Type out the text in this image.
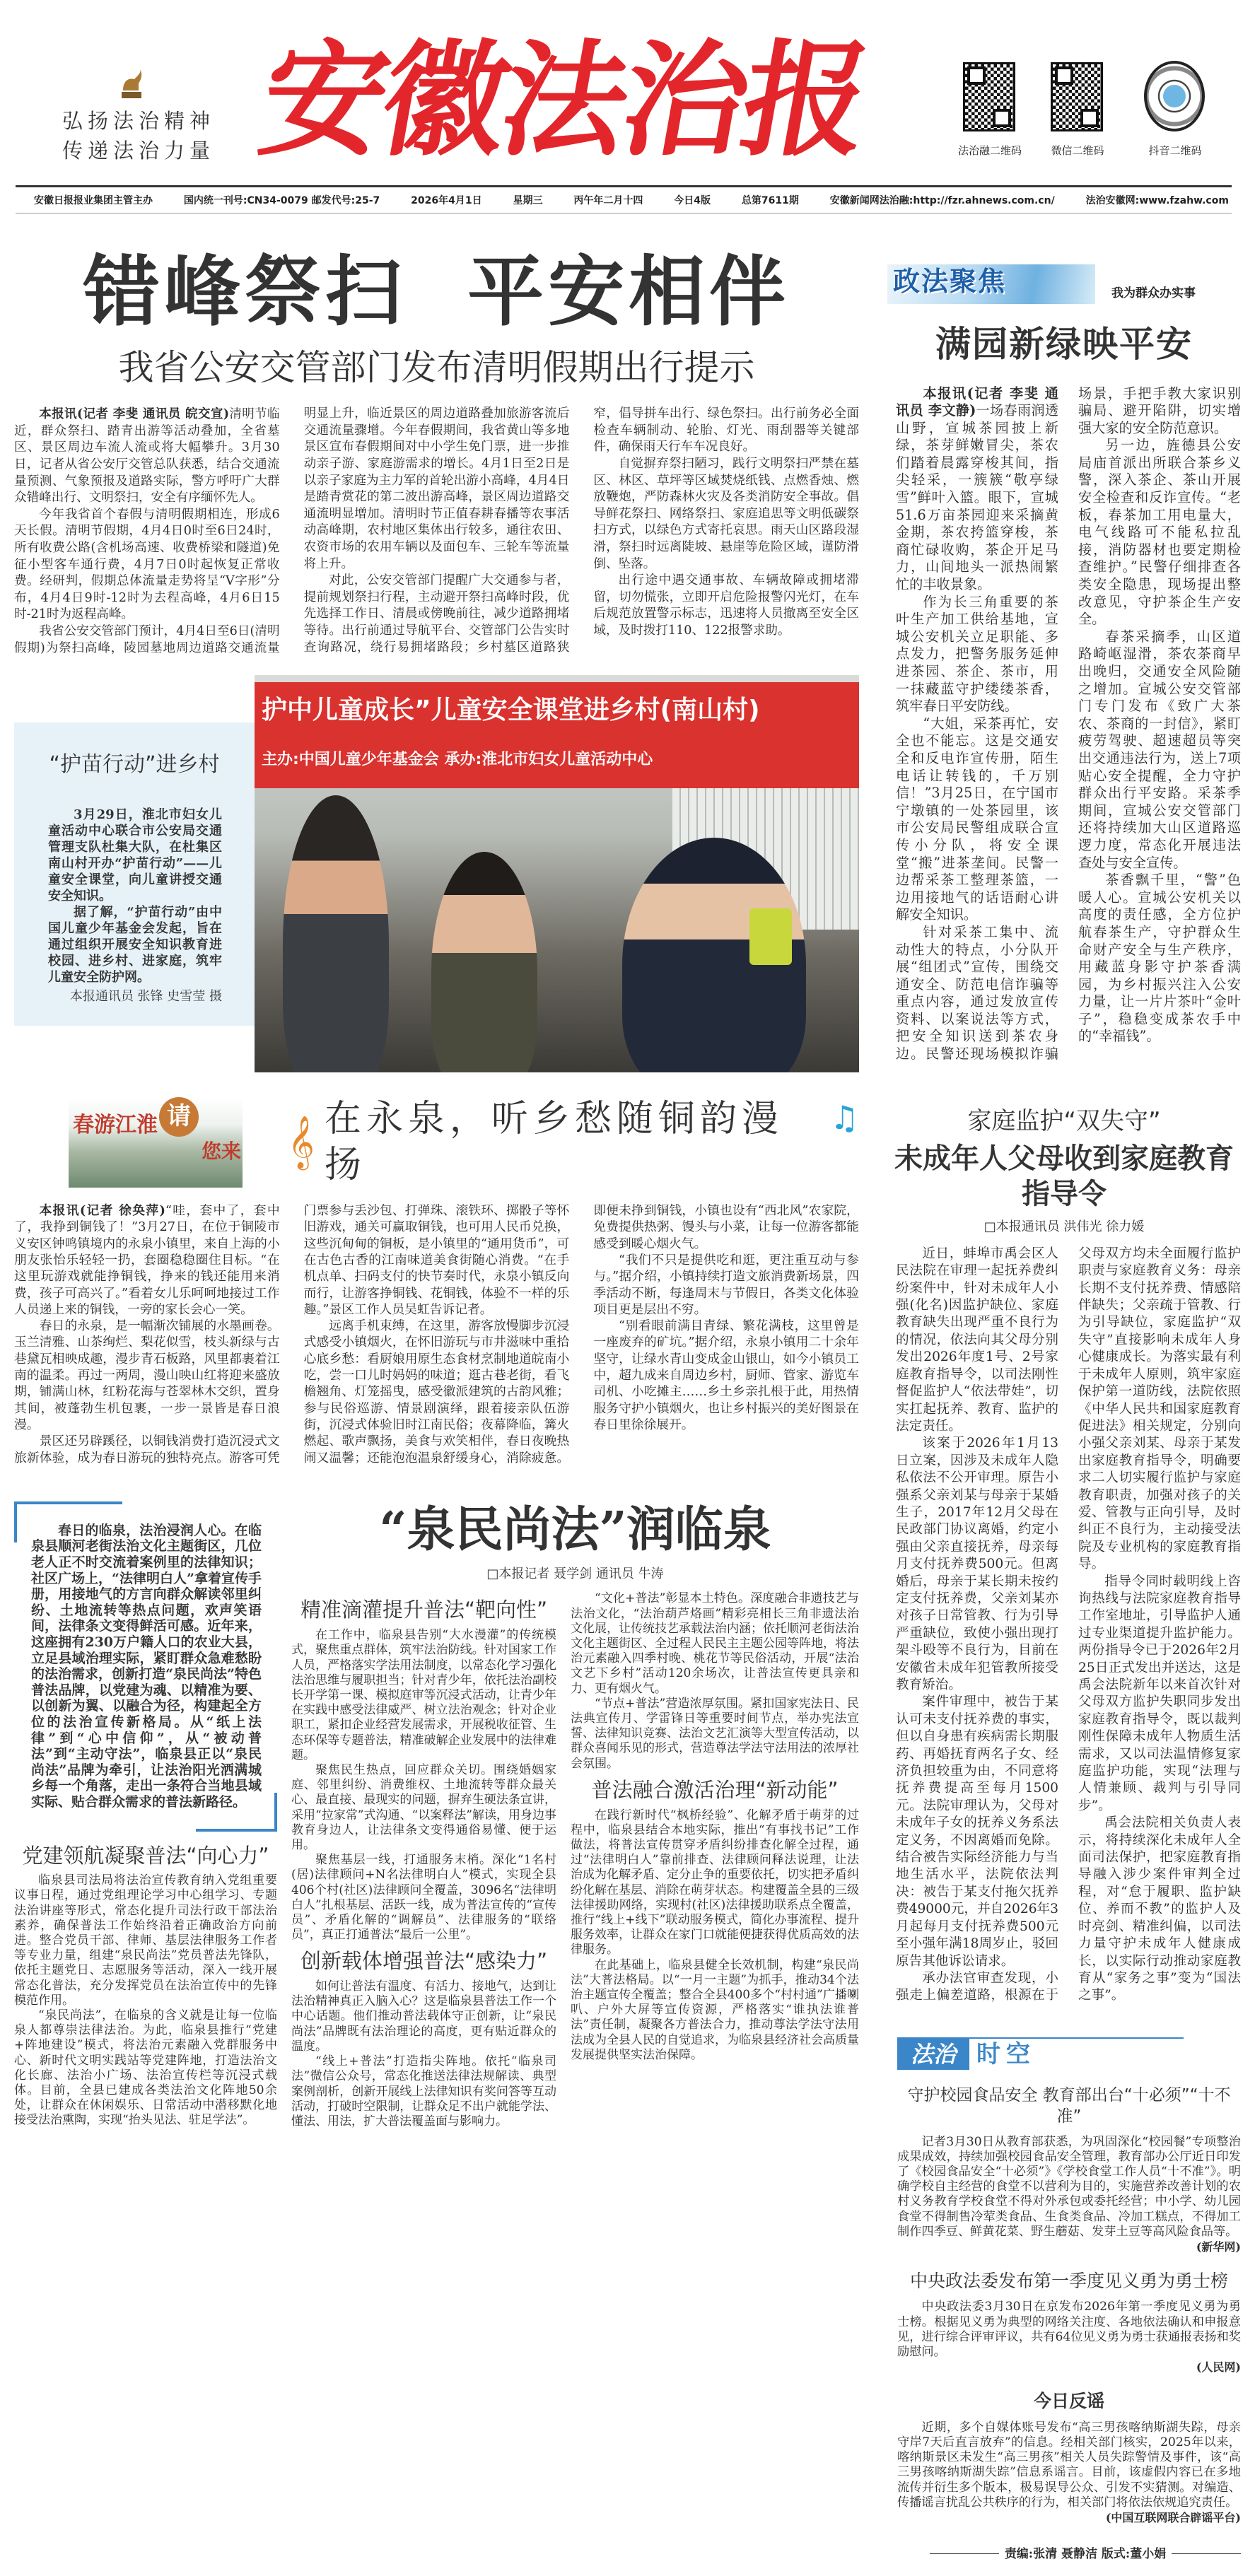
弘扬法治精神
传递法治力量 安徽法治报	法治融二维码	微信二维码	抖音二维码
安徽日报报业集团主管主办	国内统一刊号:CN34-0079 邮发代号:25-7	2026年4月1日	星期三	丙午年二月十四	今日4版	总第7611期	安徽新闻网法治融:http://fzr.ahnews.com.cn/	法治安徽网:www.fzahw.com
错峰祭扫  平安相伴
我省公安交管部门发布清明假期出行提示

本报讯(记者 李斐 通讯员 皖交宣)清明节临近，群众祭扫、踏青出游等活动叠加，全省墓区、景区周边车流人流或将大幅攀升。3月30日，记者从省公安厅交管总队获悉，结合交通流量预测、气象预报及道路实际，警方呼吁广大群众错峰出行、文明祭扫，安全有序缅怀先人。

今年我省首个春假与清明假期相连，形成6天长假。清明节假期，4月4日0时至6日24时，所有收费公路(含机场高速、收费桥梁和隧道)免征小型客车通行费，4月7日0时起恢复正常收费。经研判，假期总体流量走势将呈“V字形”分布，4月4日9时-12时为去程高峰，4月6日15时-21时为返程高峰。

我省公安交管部门预计，4月4日至6日(清明假期)为祭扫高峰，陵园墓地周边道路交通流量明显上升，临近景区的周边道路叠加旅游客流后交通流量骤增。今年春假期间，我省黄山等多地景区宣布春假期间对中小学生免门票，进一步推动亲子游、家庭游需求的增长。4月1日至2日是以亲子家庭为主力军的首轮出游小高峰，4月4日是踏青赏花的第二波出游高峰，景区周边道路交通流明显增加。清明时节正值春耕春播等农事活动高峰期，农村地区集体出行较多，通往农田、农资市场的农用车辆以及面包车、三轮车等流量将上升。

对此，公安交管部门提醒广大交通参与者，提前规划祭扫行程，主动避开祭扫高峰时段，优先选择工作日、清晨或傍晚前往，减少道路拥堵等待。出行前通过导航平台、交管部门公告实时查询路况，绕行易拥堵路段；乡村墓区道路狭窄，倡导拼车出行、绿色祭扫。出行前务必全面检查车辆制动、轮胎、灯光、雨刮器等关键部件，确保雨天行车车况良好。

自觉摒弃祭扫陋习，践行文明祭扫严禁在墓区、林区、草坪等区域焚烧纸钱、点燃香烛、燃放鞭炮，严防森林火灾及各类消防安全事故。倡导鲜花祭扫、网络祭扫、家庭追思等文明低碳祭扫方式，以绿色方式寄托哀思。雨天山区路段湿滑，祭扫时远离陡坡、悬崖等危险区域，谨防滑倒、坠落。

出行途中遇交通事故、车辆故障或拥堵滞留，切勿慌张，立即开启危险报警闪光灯，在车后规范放置警示标志，迅速将人员撤离至安全区域，及时拨打110、122报警求助。

“护苗行动”进乡村

3月29日，淮北市妇女儿童活动中心联合市公安局交通管理支队杜集大队，在杜集区南山村开办“护苗行动”——儿童安全课堂，向儿童讲授交通安全知识。

据了解，“护苗行动”由中国儿童少年基金会发起，旨在通过组织开展安全知识教育进校园、进乡村、进家庭，筑牢儿童安全防护网。

本报通讯员 张锋 史雪莹 摄
护中儿童成长”儿童安全课堂进乡村(南山村)
主办:中国儿童少年基金会 承办:淮北市妇女儿童活动中心
春游江淮 请
您来 𝄞 在永泉，听乡愁随铜韵漫扬
♫

本报讯(记者 徐奂萍)“哇，套中了，套中了，我挣到铜钱了！”3月27日，在位于铜陵市义安区钟鸣镇境内的永泉小镇里，来自上海的小朋友张怡乐轻轻一扔，套圈稳稳圈住目标。“在这里玩游戏就能挣铜钱，挣来的钱还能用来消费，孩子可高兴了。”看着女儿乐呵呵地接过工作人员递上来的铜钱，一旁的家长会心一笑。

春日的永泉，是一幅渐次铺展的水墨画卷。玉兰清雅、山茶绚烂、梨花似雪，枝头新绿与古巷黛瓦相映成趣，漫步青石板路，风里都裹着江南的温柔。再过一两周，漫山映山红将迎来盛放期，铺满山林，红粉花海与苍翠林木交织，置身其间，被蓬勃生机包裹，一步一景皆是春日浪漫。

景区还另辟蹊径，以铜钱消费打造沉浸式文旅新体验，成为春日游玩的独特亮点。游客可凭门票参与丢沙包、打弹珠、滚铁环、掷骰子等怀旧游戏，通关可赢取铜钱，也可用人民币兑换，这些沉甸甸的铜板，是小镇里的“通用货币”，可在古色古香的江南味道美食街随心消费。“在手机点单、扫码支付的快节奏时代，永泉小镇反向而行，让游客挣铜钱、花铜钱，体验不一样的乐趣。”景区工作人员吴虹告诉记者。

远离手机束缚，在这里，游客放慢脚步沉浸式感受小镇烟火，在怀旧游玩与市井滋味中重拾心底乡愁：看厨娘用原生态食材烹制地道皖南小吃，尝一口儿时妈妈的味道；逛古巷老街，看飞檐翘角、灯笼摇曳，感受徽派建筑的古韵风雅；参与民俗巡游、情景剧演绎，跟着接亲队伍游街，沉浸式体验旧时江南民俗；夜幕降临，篝火燃起、歌声飘扬，美食与欢笑相伴，春日夜晚热闹又温馨；还能泡泡温泉舒缓身心，消除疲惫。即便未挣到铜钱，小镇也设有“西北风”农家院，免费提供热粥、馒头与小菜，让每一位游客都能感受到暖心烟火气。

“我们不只是提供吃和逛，更注重互动与参与。”据介绍，小镇持续打造文旅消费新场景，四季活动不断，每逢周末与节假日，各类文化体验项目更是层出不穷。

“别看眼前满目青绿、繁花满枝，这里曾是一座废弃的矿坑。”据介绍，永泉小镇用二十余年坚守，让绿水青山变成金山银山，如今小镇员工中，超九成来自周边乡村，厨师、管家、游览车司机、小吃摊主……乡土乡亲扎根于此，用热情服务守护小镇烟火，也让乡村振兴的美好图景在春日里徐徐展开。

春日的临泉，法治浸润人心。在临泉县顺河老街法治文化主题街区，几位老人正不时交流着案例里的法律知识；社区广场上，“法律明白人”拿着宣传手册，用接地气的方言向群众解读邻里纠纷、土地流转等热点问题，欢声笑语间，法律条文变得鲜活可感。近年来，这座拥有230万户籍人口的农业大县，立足县域治理实际，紧盯群众急难愁盼的法治需求，创新打造“泉民尚法”特色普法品牌，以党建为魂、以精准为要、以创新为翼、以融合为径，构建起全方位的法治宣传新格局。从“纸上法律”到“心中信仰”，从“被动普法”到“主动守法”，临泉县正以“泉民尚法”品牌为牵引，让法治阳光洒满城乡每一个角落，走出一条符合当地县域实际、贴合群众需求的普法新路径。

党建领航凝聚普法“向心力”

临泉县司法局将法治宣传教育纳入党组重要议事日程，通过党组理论学习中心组学习、专题法治讲座等形式，常态化提升司法行政干部法治素养，确保普法工作始终沿着正确政治方向前进。整合党员干部、律师、基层法律服务工作者等专业力量，组建“泉民尚法”党员普法先锋队，依托主题党日、志愿服务等活动，深入一线开展常态化普法，充分发挥党员在法治宣传中的先锋模范作用。

“泉民尚法”，在临泉的含义就是让每一位临泉人都尊崇法律法治。为此，临泉县推行“党建+阵地建设”模式，将法治元素融入党群服务中心、新时代文明实践站等党建阵地，打造法治文化长廊、法治小广场、法治宣传栏等沉浸式载体。目前，全县已建成各类法治文化阵地50余处，让群众在休闲娱乐、日常活动中潜移默化地接受法治熏陶，实现“抬头见法、驻足学法”。

“泉民尚法”润临泉
□本报记者 聂学剑 通讯员 牛涛
精准滴灌提升普法“靶向性”

在工作中，临泉县告别“大水漫灌”的传统模式，聚焦重点群体，筑牢法治防线。针对国家工作人员，严格落实学法用法制度，以常态化学习强化法治思维与履职担当；针对青少年，依托法治副校长开学第一课、模拟庭审等沉浸式活动，让青少年在实践中感受法律威严、树立法治观念；针对企业职工，紧扣企业经营发展需求，开展税收征管、生态环保等专题普法，精准破解企业发展中的法律难题。

聚焦民生热点，回应群众关切。围绕婚姻家庭、邻里纠纷、消费维权、土地流转等群众最关心、最直接、最现实的问题，摒弃生硬法条宣讲，采用“拉家常”式沟通、“以案释法”解读，用身边事教育身边人，让法律条文变得通俗易懂、便于运用。

聚焦基层一线，打通服务末梢。深化“1名村(居)法律顾问+N名法律明白人”模式，实现全县406个村(社区)法律顾问全覆盖，3096名“法律明白人”扎根基层、活跃一线，成为普法宣传的“宣传员”、矛盾化解的“调解员”、法律服务的“联络员”，真正打通普法“最后一公里”。

创新载体增强普法“感染力”

如何让普法有温度、有活力、接地气，达到让法治精神真正入脑入心？这是临泉县普法工作一个中心话题。他们推动普法载体守正创新，让“泉民尚法”品牌既有法治理论的高度，更有贴近群众的温度。

“线上+普法”打造指尖阵地。依托“临泉司法”微信公众号，常态化推送法律法规解读、典型案例剖析，创新开展线上法律知识有奖问答等互动活动，打破时空限制，让群众足不出户就能学法、懂法、用法，扩大普法覆盖面与影响力。

“文化+普法”彰显本土特色。深度融合非遗技艺与法治文化，“法治葫芦烙画”精彩亮相长三角非遗法治文化展，让传统技艺承载法治内涵；依托顺河老街法治文化主题街区、全过程人民民主主题公园等阵地，将法治元素融入四季村晚、桃花节等民俗活动，开展“法治文艺下乡村”活动120余场次，让普法宣传更具亲和力、更有烟火气。

“节点+普法”营造浓厚氛围。紧扣国家宪法日、民法典宣传月、学雷锋日等重要时间节点，举办宪法宣誓、法律知识竞赛、法治文艺汇演等大型宣传活动，以群众喜闻乐见的形式，营造尊法学法守法用法的浓厚社会氛围。

普法融合激活治理“新动能”

在践行新时代“枫桥经验”、化解矛盾于萌芽的过程中，临泉县结合本地实际，推出“有事找书记”工作做法，将普法宣传贯穿矛盾纠纷排查化解全过程，通过“法律明白人”靠前排查、法律顾问释法说理，让法治成为化解矛盾、定分止争的重要依托，切实把矛盾纠纷化解在基层、消除在萌芽状态。构建覆盖全县的三级法律援助网络，实现村(社区)法律援助联系点全覆盖，推行“线上+线下”联动服务模式，简化办事流程、提升服务效率，让群众在家门口就能便捷获得优质高效的法律服务。

在此基础上，临泉县健全长效机制，构建“泉民尚法”大普法格局。以“一月一主题”为抓手，推动34个法治主题宣传全覆盖；整合全县400多个“村村通”广播喇叭、户外大屏等宣传资源，严格落实“谁执法谁普法”责任制，凝聚各方普法合力，推动尊法学法守法用法成为全县人民的自觉追求，为临泉县经济社会高质量发展提供坚实法治保障。

政法聚焦	我为群众办实事
满园新绿映平安

本报讯(记者 李斐 通讯员 李文静)一场春雨润透山野，宣城茶园披上新绿，茶芽鲜嫩冒尖，茶农们踏着晨露穿梭其间，指尖轻采，一簇簇“敬亭绿雪”鲜叶入篮。眼下，宣城51.6万亩茶园迎来采摘黄金期，茶农挎篮穿梭，茶商忙碌收购，茶企开足马力，山间地头一派热闹繁忙的丰收景象。

作为长三角重要的茶叶生产加工供给基地，宣城公安机关立足职能、多点发力，把警务服务延伸进茶园、茶企、茶市，用一抹藏蓝守护缕缕茶香，筑牢春日平安防线。

“大姐，采茶再忙，安全也不能忘。这是交通安全和反电诈宣传册，陌生电话让转钱的，千万别信！”3月25日，在宁国市宁墩镇的一处茶园里，该市公安局民警组成联合宣传小分队，将安全课堂“搬”进茶垄间。民警一边帮采茶工整理茶篮，一边用接地气的话语耐心讲解安全知识。

针对采茶工集中、流动性大的特点，小分队开展“组团式”宣传，围绕交通安全、防范电信诈骗等重点内容，通过发放宣传资料、以案说法等方式，把安全知识送到茶农身边。民警还现场模拟诈骗场景，手把手教大家识别骗局、避开陷阱，切实增强大家的安全防范意识。

另一边，旌德县公安局庙首派出所联合茶乡义警，深入茶企、茶山开展安全检查和反诈宣传。“老板，春茶加工用电量大，电气线路可不能私拉乱接，消防器材也要定期检查维护。”民警仔细排查各类安全隐患，现场提出整改意见，守护茶企生产安全。

春茶采摘季，山区道路崎岖湿滑，茶农茶商早出晚归，交通安全风险随之增加。宣城公安交管部门专门发布《致广大茶农、茶商的一封信》，紧盯疲劳驾驶、超速超员等突出交通违法行为，送上7项贴心安全提醒，全力守护群众出行平安路。采茶季期间，宣城公安交管部门还将持续加大山区道路巡逻力度，常态化开展违法查处与安全宣传。

茶香飘千里，“警”色暖人心。宣城公安机关以高度的责任感，全方位护航春茶生产，守护群众生命财产安全与生产秩序，用藏蓝身影守护茶香满园，为乡村振兴注入公安力量，让一片片茶叶“金叶子”，稳稳变成茶农手中的“幸福钱”。

家庭监护“双失守”
未成年人父母收到家庭教育指导令
□本报通讯员 洪伟光 徐力媛

近日，蚌埠市禹会区人民法院在审理一起抚养费纠纷案件中，针对未成年人小强(化名)因监护缺位、家庭教育缺失出现严重不良行为的情况，依法向其父母分别发出2026年度1号、2号家庭教育指导令，以司法刚性督促监护人“依法带娃”，切实扛起抚养、教育、监护的法定责任。

该案于2026年1月13日立案，因涉及未成年人隐私依法不公开审理。原告小强系父亲刘某与母亲于某婚生子，2017年12月父母在民政部门协议离婚，约定小强由父亲直接抚养，母亲每月支付抚养费500元。但离婚后，母亲于某长期未按约定支付抚养费，父亲刘某亦对孩子日常管教、行为引导严重缺位，致使小强出现打架斗殴等不良行为，目前在安徽省未成年犯管教所接受教育矫治。

案件审理中，被告于某认可未支付抚养费的事实，但以自身患有疾病需长期服药、再婚抚育两名子女、经济负担较重为由，不同意将抚养费提高至每月1500元。法院审理认为，父母对未成年子女的抚养义务系法定义务，不因离婚而免除。结合被告实际经济能力与当地生活水平，法院依法判决：被告于某支付拖欠抚养费49000元，并自2026年3月起每月支付抚养费500元至小强年满18周岁止，驳回原告其他诉讼请求。

承办法官审查发现，小强走上偏差道路，根源在于父母双方均未全面履行监护职责与家庭教育义务：母亲长期不支付抚养费、情感陪伴缺失；父亲疏于管教、行为引导缺位，家庭监护“双失守”直接影响未成年人身心健康成长。为落实最有利于未成年人原则，筑牢家庭保护第一道防线，法院依照《中华人民共和国家庭教育促进法》相关规定，分别向小强父亲刘某、母亲于某发出家庭教育指导令，明确要求二人切实履行监护与家庭教育职责，加强对孩子的关爱、管教与正向引导，及时纠正不良行为，主动接受法院及专业机构的家庭教育指导。

指导令同时载明线上咨询热线与法院家庭教育指导工作室地址，引导监护人通过专业渠道提升监护能力。两份指导令已于2026年2月25日正式发出并送达，这是禹会法院新年以来首次针对父母双方监护失职同步发出家庭教育指导令，既以裁判刚性保障未成年人物质生活需求，又以司法温情修复家庭监护功能，实现“法理与人情兼顾、裁判与引导同步”。

禹会法院相关负责人表示，将持续深化未成年人全面司法保护，把家庭教育指导融入涉少案件审判全过程，对“怠于履职、监护缺位、养而不教”的监护人及时亮剑、精准纠偏，以司法力量守护未成年人健康成长，以实际行动推动家庭教育从“家务之事”变为“国法之事”。

法治 时空
守护校园食品安全 教育部出台“十必须”“十不准”

记者3月30日从教育部获悉，为巩固深化“校园餐”专项整治成果成效，持续加强校园食品安全管理，教育部办公厅近日印发了《校园食品安全“十必须”》《学校食堂工作人员“十不准”》。明确学校自主经营的食堂不以营利为目的，实施营养改善计划的农村义务教育学校食堂不得对外承包或委托经营；中小学、幼儿园食堂不得制售冷荤类食品、生食类食品、冷加工糕点，不得加工制作四季豆、鲜黄花菜、野生蘑菇、发芽土豆等高风险食品等。

(新华网)
中央政法委发布第一季度见义勇为勇士榜

中央政法委3月30日在京发布2026年第一季度见义勇为勇士榜。根据见义勇为典型的网络关注度、各地依法确认和申报意见，进行综合评审评议，共有64位见义勇为勇士获通报表扬和奖励慰问。

(人民网)
今日反谣

近期，多个自媒体账号发布“高三男孩喀纳斯湖失踪，母亲守岸7天后直言放弃”的信息。经相关部门核实，2025年以来，喀纳斯景区未发生“高三男孩”相关人员失踪警情及事件，该“高三男孩喀纳斯湖失踪”信息系谣言。目前，该虚假内容已在多地流传并衍生多个版本，极易误导公众、引发不实猜测。对编造、传播谣言扰乱公共秩序的行为，相关部门将依法依规追究责任。

(中国互联网联合辟谣平台)
责编:张清 聂静洁 版式:董小娟
